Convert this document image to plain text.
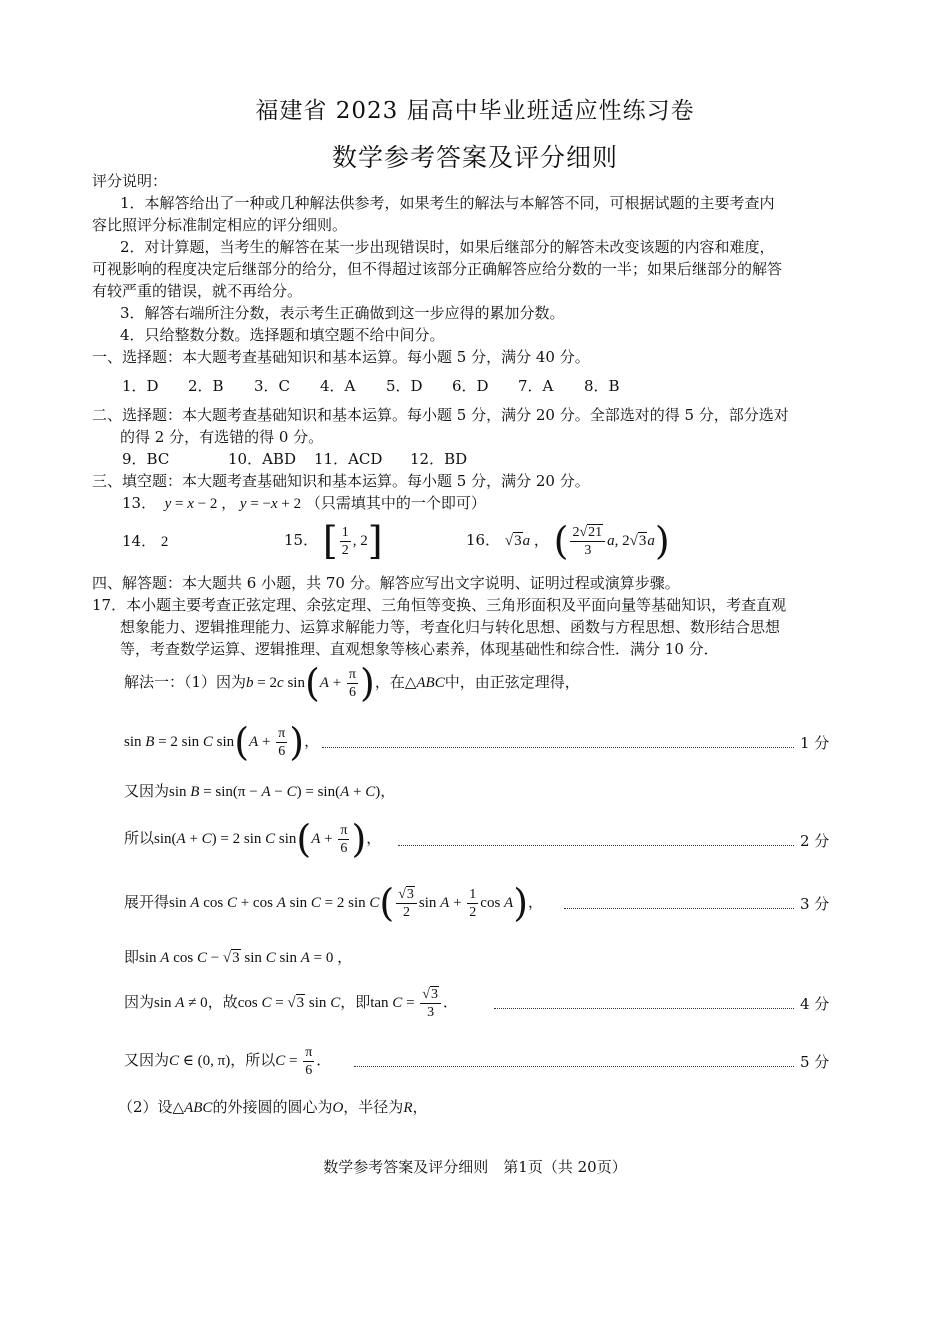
福建省 2023 届高中毕业班适应性练习卷
数学参考答案及评分细则
评分说明：
1．本解答给出了一种或几种解法供参考，如果考生的解法与本解答不同，可根据试题的主要考查内
容比照评分标准制定相应的评分细则。
2．对计算题，当考生的解答在某一步出现错误时，如果后继部分的解答未改变该题的内容和难度，
可视影响的程度决定后继部分的给分，但不得超过该部分正确解答应给分数的一半；如果后继部分的解答
有较严重的错误，就不再给分。
3．解答右端所注分数，表示考生正确做到这一步应得的累加分数。
4．只给整数分数。选择题和填空题不给中间分。
一、选择题：本大题考查基础知识和基本运算。每小题 5 分，满分 40 分。
1．D 2．B 3．C 4．A 5．D 6．D 7．A 8．B
二、选择题：本大题考查基础知识和基本运算。每小题 5 分，满分 20 分。全部选对的得 5 分，部分选对
的得 2 分，有选错的得 0 分。
9．BC	10．ABD 11．ACD 12．BD
三、填空题：本大题考查基础知识和基本运算。每小题 5 分，满分 20 分。
13．  y = x − 2 ， y = −x + 2 （只需填其中的一个即可）
14． 2	15． [ $\frac{1}{2}$ , 2]	16． √3a ， ( $\frac{2√21}{3} a$, 2√3a)
四、解答题：本大题共 6 小题，共 70 分。解答应写出文字说明、证明过程或演算步骤。
17．本小题主要考查正弦定理、余弦定理、三角恒等变换、三角形面积及平面向量等基础知识，考查直观
想象能力、逻辑推理能力、运算求解能力等，考查化归与转化思想、函数与方程思想、数形结合思想
等，考查数学运算、逻辑推理、直观想象等核心素养，体现基础性和综合性．满分 10 分．
解法一：（1）因为b = 2c $\sin(A + \frac{\pi}{6}$ )，在△ABC中，由正弦定理得，
sin B = 2 sin C $\sin(A + \frac{\pi}{6}$ )，	1 分
又因为sin B = sin(π − A − C) = sin(A + C)，
所以sin(A + C) = 2 sin C $\sin(A + \frac{\pi}{6}$ )，	2 分
展开得sin A cos C + cos A sin C = 2 $\sin C( \frac{√3}{2}$ $\sin A + \frac{1}{2}$ cos A)，	3 分
即sin A cos C − √3 sin C sin A = 0 ，
因为sin A ≠ 0，故cos C = √3 sin C，即$\tan C = \frac{√3}{3}$ ．	4 分
又因为C ∈ (0, π)，所以$C = \frac{\pi}{6}$ ．	5 分
（2）设△ABC的外接圆的圆心为O，半径为R，
数学参考答案及评分细则　第1页（共 20页）
